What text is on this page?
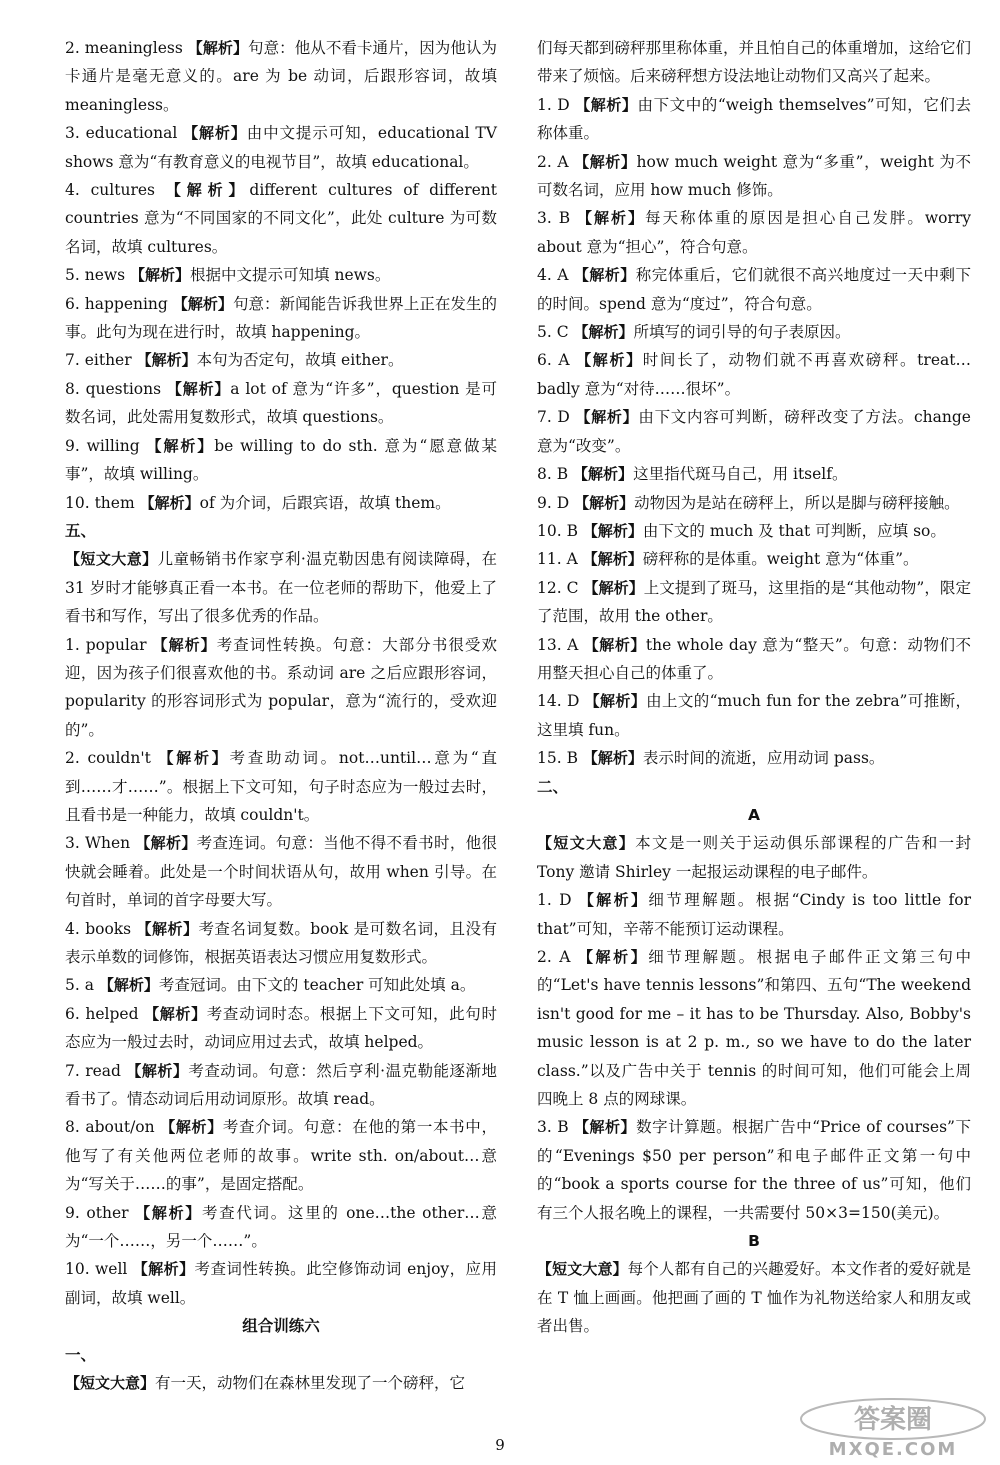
2. meaningless 【解析】句意：他从不看卡通片，因为他认为卡通片是毫无意义的。are 为 be 动词，后跟形容词，故填 meaningless。

3. educational 【解析】由中文提示可知，educational TV shows 意为“有教育意义的电视节目”，故填 educational。

4. cultures 【解析】different cultures of different countries 意为“不同国家的不同文化”，此处 culture 为可数名词，故填 cultures。

5. news 【解析】根据中文提示可知填 news。

6. happening 【解析】句意：新闻能告诉我世界上正在发生的事。此句为现在进行时，故填 happening。

7. either 【解析】本句为否定句，故填 either。

8. questions 【解析】a lot of 意为“许多”，question 是可数名词，此处需用复数形式，故填 questions。

9. willing 【解析】be willing to do sth. 意为“愿意做某事”，故填 willing。

10. them 【解析】of 为介词，后跟宾语，故填 them。

五、

【短文大意】儿童畅销书作家亨利·温克勒因患有阅读障碍，在 31 岁时才能够真正看一本书。在一位老师的帮助下，他爱上了看书和写作，写出了很多优秀的作品。

1. popular 【解析】考查词性转换。句意：大部分书很受欢迎，因为孩子们很喜欢他的书。系动词 are 之后应跟形容词，popularity 的形容词形式为 popular，意为“流行的，受欢迎的”。

2. couldn't 【解析】考查助动词。not…until…意为“直到……才……”。根据上下文可知，句子时态应为一般过去时，且看书是一种能力，故填 couldn't。

3. When 【解析】考查连词。句意：当他不得不看书时，他很快就会睡着。此处是一个时间状语从句，故用 when 引导。在句首时，单词的首字母要大写。

4. books 【解析】考查名词复数。book 是可数名词，且没有表示单数的词修饰，根据英语表达习惯应用复数形式。

5. a 【解析】考查冠词。由下文的 teacher 可知此处填 a。

6. helped 【解析】考查动词时态。根据上下文可知，此句时态应为一般过去时，动词应用过去式，故填 helped。

7. read 【解析】考查动词。句意：然后亨利·温克勒能逐渐地看书了。情态动词后用动词原形。故填 read。

8. about/on 【解析】考查介词。句意：在他的第一本书中，他写了有关他两位老师的故事。write sth. on/about…意为“写关于……的事”，是固定搭配。

9. other 【解析】考查代词。这里的 one…the other…意为“一个……，另一个……”。

10. well 【解析】考查词性转换。此空修饰动词 enjoy，应用副词，故填 well。

组合训练六

一、

【短文大意】有一天，动物们在森林里发现了一个磅秤，它

们每天都到磅秤那里称体重，并且怕自己的体重增加，这给它们带来了烦恼。后来磅秤想方设法地让动物们又高兴了起来。

1. D 【解析】由下文中的“weigh themselves”可知，它们去称体重。

2. A 【解析】how much weight 意为“多重”，weight 为不可数名词，应用 how much 修饰。

3. B 【解析】每天称体重的原因是担心自己发胖。worry about 意为“担心”，符合句意。

4. A 【解析】称完体重后，它们就很不高兴地度过一天中剩下的时间。spend 意为“度过”，符合句意。

5. C 【解析】所填写的词引导的句子表原因。

6. A 【解析】时间长了，动物们就不再喜欢磅秤。treat…badly 意为“对待……很坏”。

7. D 【解析】由下文内容可判断，磅秤改变了方法。change 意为“改变”。

8. B 【解析】这里指代斑马自己，用 itself。

9. D 【解析】动物因为是站在磅秤上，所以是脚与磅秤接触。

10. B 【解析】由下文的 much 及 that 可判断，应填 so。

11. A 【解析】磅秤称的是体重。weight 意为“体重”。

12. C 【解析】上文提到了斑马，这里指的是“其他动物”，限定了范围，故用 the other。

13. A 【解析】the whole day 意为“整天”。句意：动物们不用整天担心自己的体重了。

14. D 【解析】由上文的“much fun for the zebra”可推断，这里填 fun。

15. B 【解析】表示时间的流逝，应用动词 pass。

二、

A

【短文大意】本文是一则关于运动俱乐部课程的广告和一封 Tony 邀请 Shirley 一起报运动课程的电子邮件。

1. D 【解析】细节理解题。根据“Cindy is too little for that”可知，辛蒂不能预订运动课程。

2. A 【解析】细节理解题。根据电子邮件正文第三句中的“Let's have tennis lessons”和第四、五句“The weekend isn't good for me – it has to be Thursday. Also, Bobby's music lesson is at 2 p. m., so we have to do the later class.”以及广告中关于 tennis 的时间可知，他们可能会上周四晚上 8 点的网球课。

3. B 【解析】数字计算题。根据广告中“Price of courses”下的“Evenings $50 per person”和电子邮件正文第一句中的“book a sports course for the three of us”可知，他们有三个人报名晚上的课程，一共需要付 50×3=150(美元)。

B

【短文大意】每个人都有自己的兴趣爱好。本文作者的爱好就是在 T 恤上画画。他把画了画的 T 恤作为礼物送给家人和朋友或者出售。

9
答案圈
MXQE.COM
